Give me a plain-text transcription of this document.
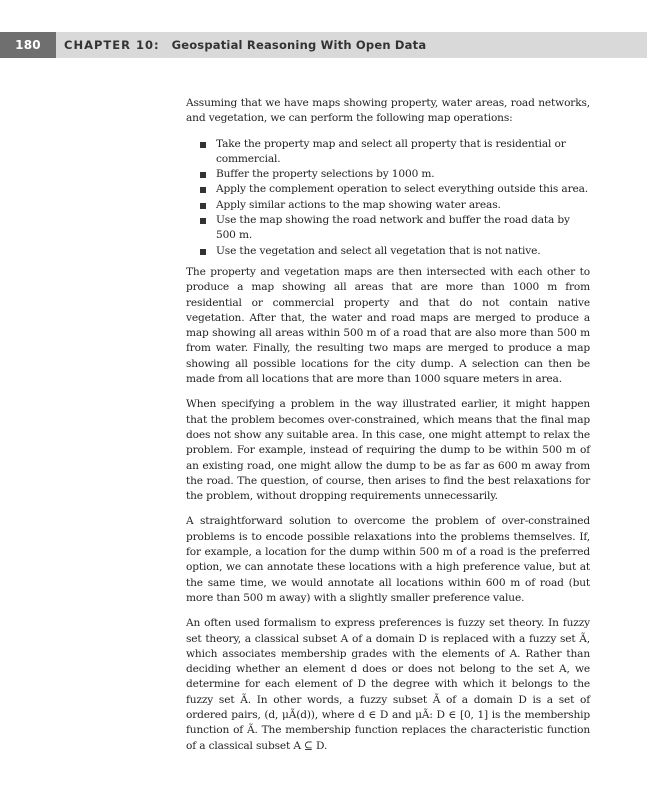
180	CHAPTER 10: Geospatial Reasoning With Open Data

Assuming that we have maps showing property, water areas, road networks, and vegetation, we can perform the following map operations:

Take the property map and select all property that is residential or commercial.
Buffer the property selections by 1000 m.
Apply the complement operation to select everything outside this area.
Apply similar actions to the map showing water areas.
Use the map showing the road network and buffer the road data by 500 m.
Use the vegetation and select all vegetation that is not native.

The property and vegetation maps are then intersected with each other to produce a map showing all areas that are more than 1000 m from residential or commercial property and that do not contain native vegetation. After that, the water and road maps are merged to produce a map showing all areas within 500 m of a road that are also more than 500 m from water. Finally, the resulting two maps are merged to produce a map showing all possible locations for the city dump. A selection can then be made from all locations that are more than 1000 square meters in area.

When specifying a problem in the way illustrated earlier, it might happen that the problem becomes over-constrained, which means that the final map does not show any suitable area. In this case, one might attempt to relax the problem. For example, instead of requiring the dump to be within 500 m of an existing road, one might allow the dump to be as far as 600 m away from the road. The question, of course, then arises to find the best relaxations for the problem, without dropping requirements unnecessarily.

A straightforward solution to overcome the problem of over-constrained problems is to encode possible relaxations into the problems themselves. If, for example, a location for the dump within 500 m of a road is the preferred option, we can annotate these locations with a high preference value, but at the same time, we would annotate all locations within 600 m of road (but more than 500 m away) with a slightly smaller preference value.

An often used formalism to express preferences is fuzzy set theory. In fuzzy set theory, a classical subset A of a domain D is replaced with a fuzzy set Ã, which associates membership grades with the elements of A. Rather than deciding whether an element d does or does not belong to the set A, we determine for each element of D the degree with which it belongs to the fuzzy set Ã. In other words, a fuzzy subset Ã of a domain D is a set of ordered pairs, (d, μÃ(d)), where d ∈ D and μÃ: D ∈ [0, 1] is the membership function of Ã. The membership function replaces the characteristic function of a classical subset A ⊆ D.
